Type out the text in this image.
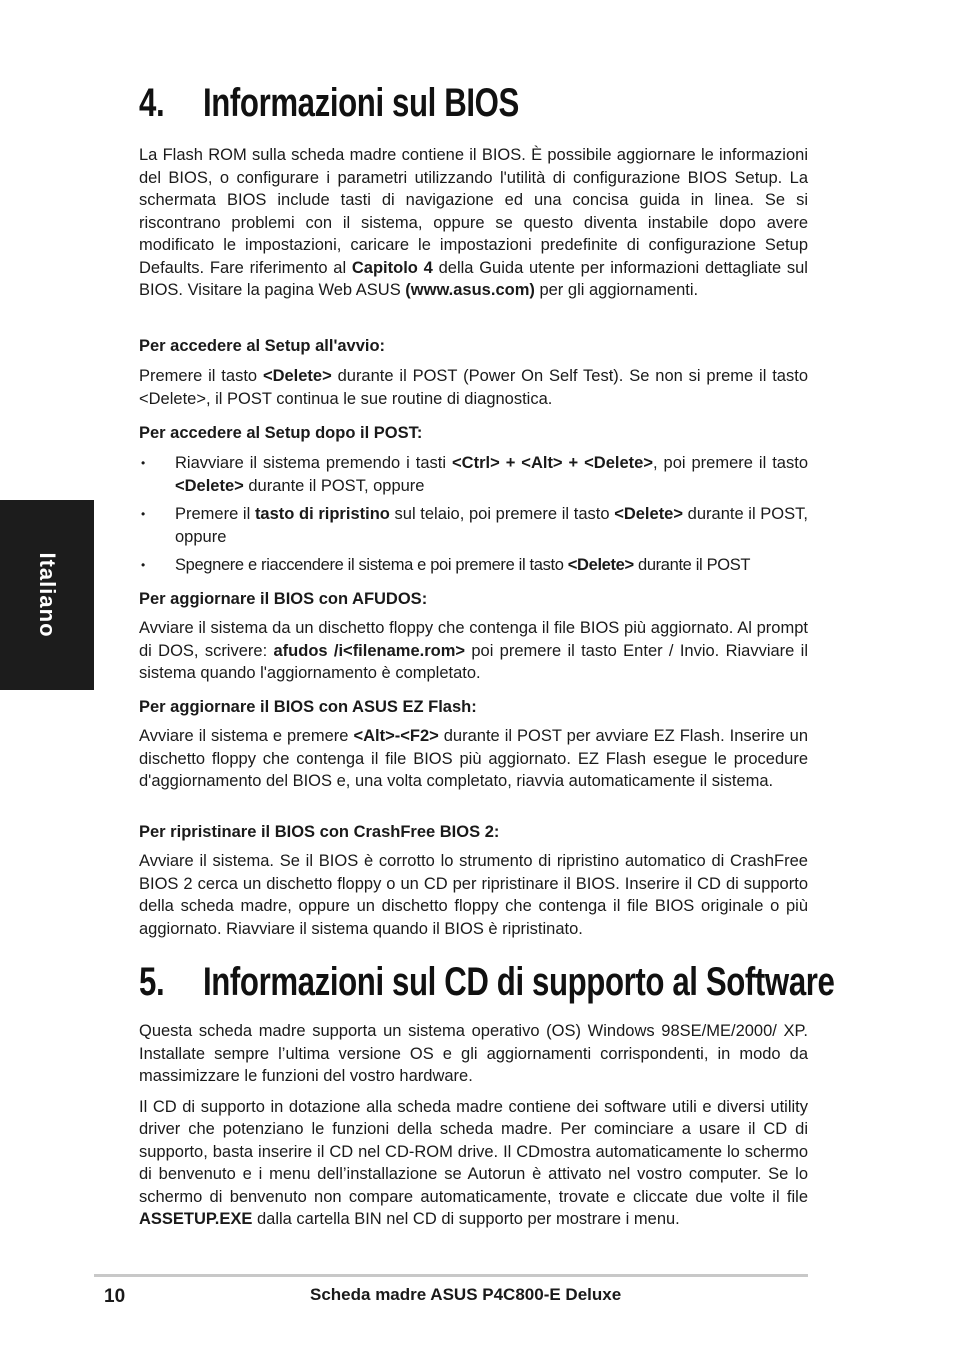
Italiano
4. Informazioni sul BIOS

La Flash ROM sulla scheda madre contiene il BIOS. È possibile aggiornare le informazioni del BIOS, o configurare i parametri utilizzando l'utilità di configurazione BIOS Setup. La schermata BIOS include tasti di navigazione ed una concisa guida in linea. Se si riscontrano problemi con il sistema, oppure se questo diventa instabile dopo avere modificato le impostazioni, caricare le impostazioni predefinite di configurazione Setup Defaults. Fare riferimento al Capitolo 4 della Guida utente per informazioni dettagliate sul BIOS. Visitare la pagina Web ASUS (www.asus.com) per gli aggiornamenti.

Per accedere al Setup all'avvio:

Premere il tasto <Delete> durante il POST (Power On Self Test). Se non si preme il tasto <Delete>, il POST continua le sue routine di diagnostica.

Per accedere al Setup dopo il POST:
• Riavviare il sistema premendo i tasti <Ctrl> + <Alt> + <Delete>, poi premere il tasto <Delete> durante il POST, oppure
• Premere il tasto di ripristino sul telaio, poi premere il tasto <Delete> durante il POST, oppure
• Spegnere e riaccendere il sistema e poi premere il tasto <Delete> durante il POST
Per aggiornare il BIOS con AFUDOS:

Avviare il sistema da un dischetto floppy che contenga il file BIOS più aggiornato. Al prompt di DOS, scrivere: afudos /i<filename.rom> poi premere il tasto Enter / Invio. Riavviare il sistema quando l'aggiornamento è completato.

Per aggiornare il BIOS con ASUS EZ Flash:

Avviare il sistema e premere <Alt>-<F2> durante il POST per avviare EZ Flash. Inserire un dischetto floppy che contenga il file BIOS più aggiornato. EZ Flash esegue le procedure d'aggiornamento del BIOS e, una volta completato, riavvia automaticamente il sistema.

Per ripristinare il BIOS con CrashFree BIOS 2:

Avviare il sistema. Se il BIOS è corrotto lo strumento di ripristino automatico di CrashFree BIOS 2 cerca un dischetto floppy o un CD per ripristinare il BIOS. Inserire il CD di supporto della scheda madre, oppure un dischetto floppy che contenga il file BIOS originale o più aggiornato. Riavviare il sistema quando il BIOS è ripristinato.

5. Informazioni sul CD di supporto al Software

Questa scheda madre supporta un sistema operativo (OS) Windows 98SE/ME/2000/ XP. Installate sempre l’ultima versione OS e gli aggiornamenti corrispondenti, in modo da massimizzare le funzioni del vostro hardware.

Il CD di supporto in dotazione alla scheda madre contiene dei software utili e diversi utility driver che potenziano le funzioni della scheda madre. Per cominciare a usare il CD di supporto, basta inserire il CD nel CD-ROM drive. Il CDmostra automaticamente lo schermo di benvenuto e i menu dell’installazione se Autorun è attivato nel vostro computer. Se lo schermo di benvenuto non compare automaticamente, trovate e cliccate due volte il file ASSETUP.EXE dalla cartella BIN nel CD di supporto per mostrare i menu.

10	Scheda madre ASUS P4C800-E Deluxe
